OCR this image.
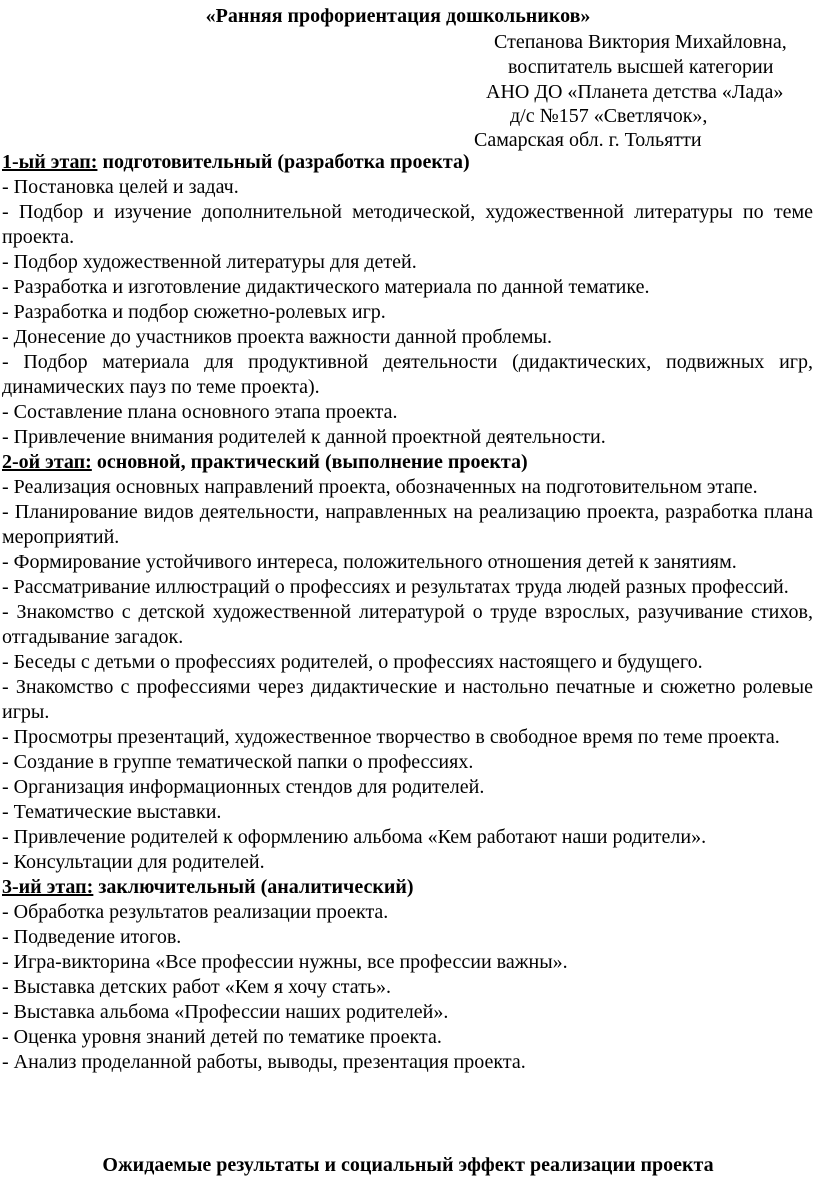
«Ранняя профориентация дошкольников»
Степанова Виктория Михайловна,
воспитатель высшей категории
АНО ДО «Планета детства «Лада»
д/с №157 «Светлячок»,
Самарская обл. г. Тольятти
1-ый этап: подготовительный (разработка проекта)
- Постановка целей и задач.
- Подбор и изучение дополнительной методической, художественной литературы по теме проекта.
- Подбор художественной литературы для детей.
- Разработка и изготовление дидактического материала по данной тематике.
- Разработка и подбор сюжетно-ролевых игр.
- Донесение до участников проекта важности данной проблемы.
- Подбор материала для продуктивной деятельности (дидактических, подвижных игр, динамических пауз по теме проекта).
- Составление плана основного этапа проекта.
- Привлечение внимания родителей к данной проектной деятельности.
2-ой этап: основной, практический (выполнение проекта)
- Реализация основных направлений проекта, обозначенных на подготовительном этапе.
- Планирование видов деятельности, направленных на реализацию проекта, разработка плана мероприятий.
- Формирование устойчивого интереса, положительного отношения детей к занятиям.
- Рассматривание иллюстраций о профессиях и результатах труда людей разных профессий.
- Знакомство с детской художественной литературой о труде взрослых, разучивание стихов, отгадывание загадок.
- Беседы с детьми о профессиях родителей, о профессиях настоящего и будущего.
- Знакомство с профессиями через дидактические и настольно печатные и сюжетно ролевые игры.
- Просмотры презентаций, художественное творчество в свободное время по теме проекта.
- Создание в группе тематической папки о профессиях.
- Организация информационных стендов для родителей.
- Тематические выставки.
- Привлечение родителей к оформлению альбома «Кем работают наши родители».
- Консультации для родителей.
3-ий этап: заключительный (аналитический)
- Обработка результатов реализации проекта.
- Подведение итогов.
- Игра-викторина «Все профессии нужны, все профессии важны».
- Выставка детских работ «Кем я хочу стать».
- Выставка альбома «Профессии наших родителей».
- Оценка уровня знаний детей по тематике проекта.
- Анализ проделанной работы, выводы, презентация проекта.
Ожидаемые результаты и социальный эффект реализации проекта
